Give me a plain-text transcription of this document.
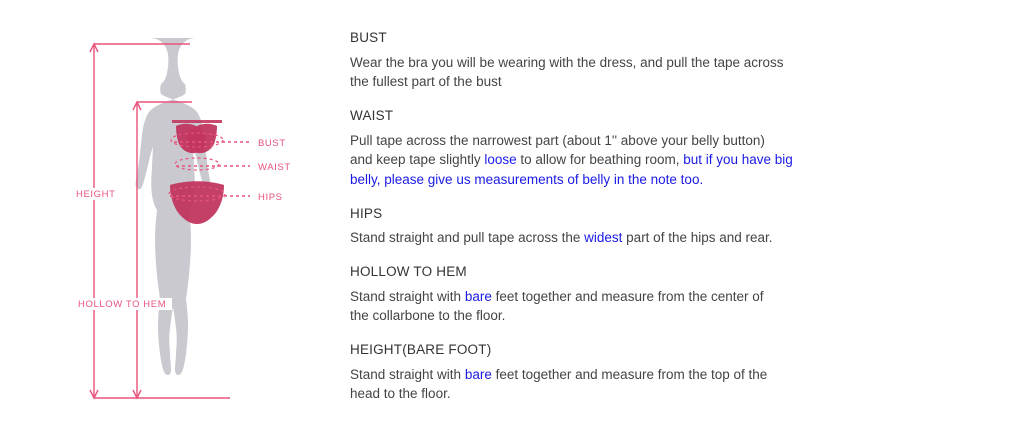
BUST
WAIST
HIPS
HEIGHT
HOLLOW TO HEM
BUST
Wear the bra you will be wearing with the dress, and pull the tape across
the fullest part of the bust
WAIST
Pull tape across the narrowest part (about 1'' above your belly button)
and keep tape slightly loose to allow for beathing room, but if you have big
belly, please give us measurements of belly in the note too.
HIPS
Stand straight and pull tape across the widest part of the hips and rear.
HOLLOW TO HEM
Stand straight with bare feet together and measure from the center of
the collarbone to the floor.
HEIGHT(BARE FOOT)
Stand straight with bare feet together and measure from the top of the
head to the floor.
